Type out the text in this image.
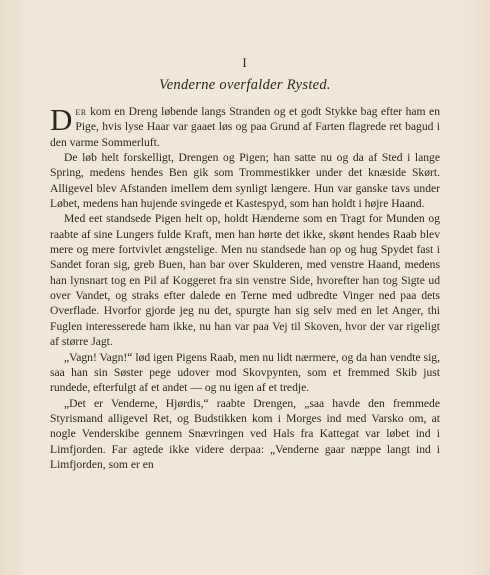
I
Venderne overfalder Rysted.

Der kom en Dreng løbende langs Stranden og et godt Stykke bag efter ham en Pige, hvis lyse Haar var gaaet løs og paa Grund af Farten flagrede ret bagud i den varme Sommerluft.

De løb helt forskelligt, Drengen og Pigen; han satte nu og da af Sted i lange Spring, medens hendes Ben gik som Trommestikker under det knæside Skørt. Alligevel blev Afstanden imellem dem synligt længere. Hun var ganske tavs under Løbet, medens han hujende svingede et Kastespyd, som han holdt i højre Haand.

Med eet standsede Pigen helt op, holdt Hænderne som en Tragt for Munden og raabte af sine Lungers fulde Kraft, men han hørte det ikke, skønt hendes Raab blev mere og mere fortvivlet ængstelige. Men nu standsede han op og hug Spydet fast i Sandet foran sig, greb Buen, han bar over Skulderen, med venstre Haand, medens han lynsnart tog en Pil af Koggeret fra sin venstre Side, hvorefter han tog Sigte ud over Vandet, og straks efter dalede en Terne med udbredte Vinger ned paa dets Overflade. Hvorfor gjorde jeg nu det, spurgte han sig selv med en let Anger, thi Fuglen interesserede ham ikke, nu han var paa Vej til Skoven, hvor der var rigeligt af større Jagt.

„Vagn! Vagn!“ lød igen Pigens Raab, men nu lidt nærmere, og da han vendte sig, saa han sin Søster pege udover mod Skovpynten, som et fremmed Skib just rundede, efterfulgt af et andet — og nu igen af et tredje.

„Det er Venderne, Hjørdis,“ raabte Drengen, „saa havde den fremmede Styrismand alligevel Ret, og Budstikken kom i Morges ind med Varsko om, at nogle Venderskibe gennem Snævringen ved Hals fra Kattegat var løbet ind i Limfjorden. Far agtede ikke videre derpaa: „Venderne gaar næppe langt ind i Limfjorden, som er en
